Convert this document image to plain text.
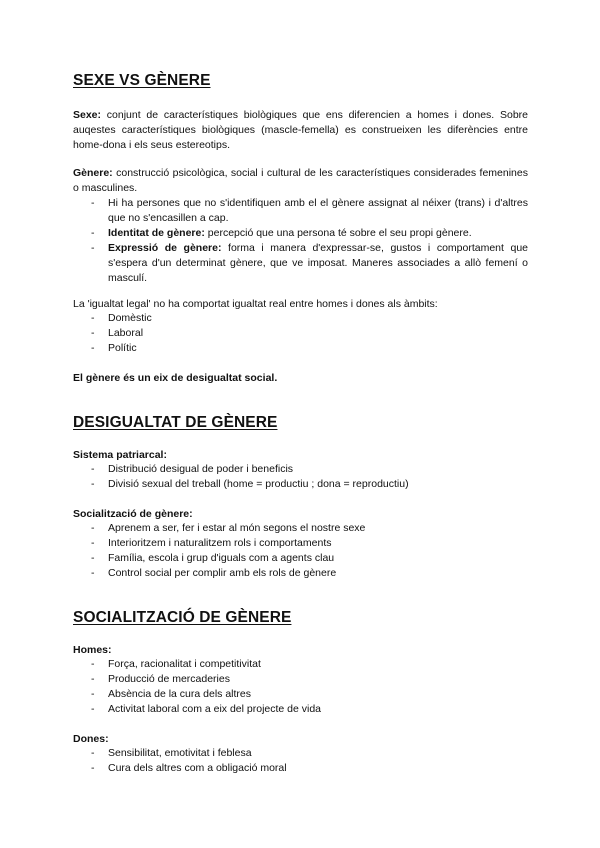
SEXE VS GÈNERE
Sexe: conjunt de característiques biològiques que ens diferencien a homes i dones. Sobre auqestes característiques biològiques (mascle-femella) es construeixen les diferències entre home-dona i els seus estereotips.
Gènere: construcció psicològica, social i cultural de les característiques considerades femenines o masculines.
- Hi ha persones que no s'identifiquen amb el el gènere assignat al néixer (trans) i d'altres que no s'encasillen a cap.
- Identitat de gènere: percepció que una persona té sobre el seu propi gènere.
- Expressió de gènere: forma i manera d'expressar-se, gustos i comportament que s'espera d'un determinat gènere, que ve imposat. Maneres associades a allò femení o masculí.
La 'igualtat legal' no ha comportat igualtat real entre homes i dones als àmbits:
- Domèstic
- Laboral
- Polític
El gènere és un eix de desigualtat social.
DESIGUALTAT DE GÈNERE
Sistema patriarcal:
- Distribució desigual de poder i beneficis
- Divisió sexual del treball (home = productiu ; dona = reproductiu)
Socialització de gènere:
- Aprenem a ser, fer i estar al món segons el nostre sexe
- Interioritzem i naturalitzem rols i comportaments
- Família, escola i grup d'iguals com a agents clau
- Control social per complir amb els rols de gènere
SOCIALITZACIÓ DE GÈNERE
Homes:
- Força, racionalitat i competitivitat
- Producció de mercaderies
- Absència de la cura dels altres
- Activitat laboral com a eix del projecte de vida
Dones:
- Sensibilitat, emotivitat i feblesa
- Cura dels altres com a obligació moral
